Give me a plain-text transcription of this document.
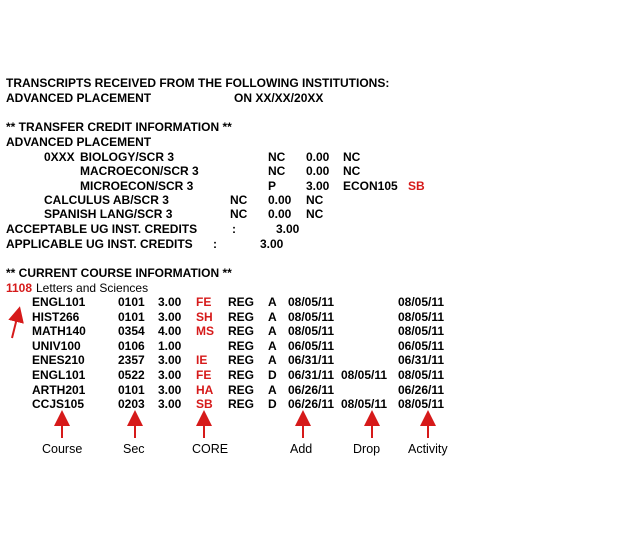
TRANSCRIPTS RECEIVED FROM THE FOLLOWING INSTITUTIONS:
ADVANCED PLACEMENT	ON XX/XX/20XX
** TRANSFER CREDIT INFORMATION **
ADVANCED PLACEMENT
0XXX BIOLOGY/SCR 3	NC 0.00 NC
MACROECON/SCR 3	NC 0.00 NC
MICROECON/SCR 3	P 3.00 ECON105 SB
CALCULUS AB/SCR 3	NC 0.00 NC
SPANISH LANG/SCR 3	NC 0.00 NC
ACCEPTABLE UG INST. CREDITS	:	3.00
APPLICABLE UG INST. CREDITS :	3.00
** CURRENT COURSE INFORMATION **
1108 Letters and Sciences
ENGL101	0101 3.00 FE REG A 08/05/11	08/05/11
HIST266	0101 3.00 SH REG A 08/05/11	08/05/11
MATH140	0354 4.00 MS REG A 08/05/11	08/05/11
UNIV100	0106 1.00	REG A 06/05/11	06/05/11
ENES210	2357 3.00 IE REG A 06/31/11	06/31/11
ENGL101	0522 3.00 FE REG D 06/31/11 08/05/11 08/05/11
ARTH201	0101 3.00 HA REG A 06/26/11	06/26/11
CCJS105	0203 3.00 SB REG D 06/26/11 08/05/11 08/05/11
Course	Sec	CORE	Add	Drop Activity
